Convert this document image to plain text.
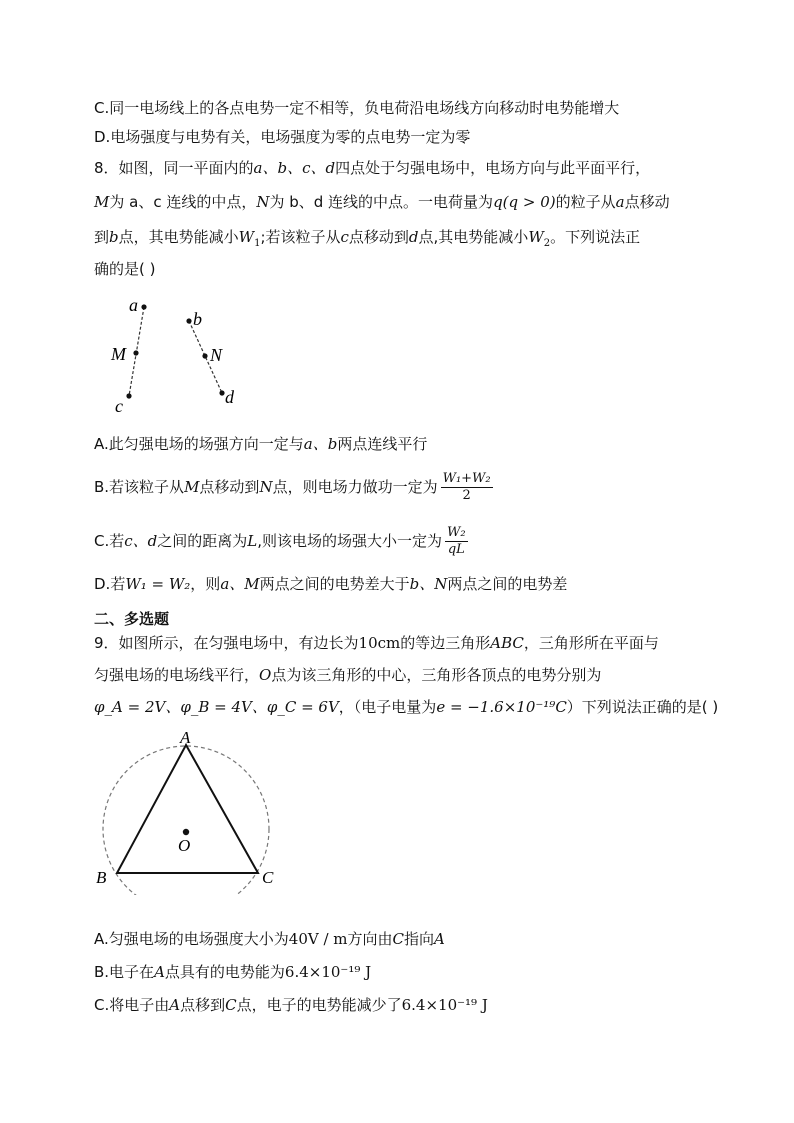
C.同一电场线上的各点电势一定不相等，负电荷沿电场线方向移动时电势能增大
D.电场强度与电势有关，电场强度为零的点电势一定为零
8．如图，同一平面内的a、b、c、d四点处于匀强电场中，电场方向与此平面平行，
M为 a、c 连线的中点，N为 b、d 连线的中点。一电荷量为q(q > 0)的粒子从a点移动
到b点，其电势能减小$W_1$;若该粒子从c点移动到d点,其电势能减小$W_2$。下列说法正
确的是( )
a
M
c
b
N
d
A.此匀强电场的场强方向一定与a、b两点连线平行
B.若该粒子从M点移动到N点，则电场力做功一定为 $\frac{\text{W₁+W₂}}{2}$
C.若c、d之间的距离为L,则该电场的场强大小一定为 $\frac{\text{W₂}}{qL}$
D.若W₁ = W₂，则a、M两点之间的电势差大于b、N两点之间的电势差
二、多选题
9．如图所示，在匀强电场中，有边长为10cm的等边三角形ABC，三角形所在平面与
匀强电场的电场线平行，O点为该三角形的中心，三角形各顶点的电势分别为
φ_A = 2V、φ_B = 4V、φ_C = 6V，（电子电量为e = −1.6×10⁻¹⁹C）下列说法正确的是( )
A
B	C
O
A.匀强电场的电场强度大小为40V / m方向由C指向A
B.电子在A点具有的电势能为6.4×10⁻¹⁹ J
C.将电子由A点移到C点，电子的电势能减少了6.4×10⁻¹⁹ J
